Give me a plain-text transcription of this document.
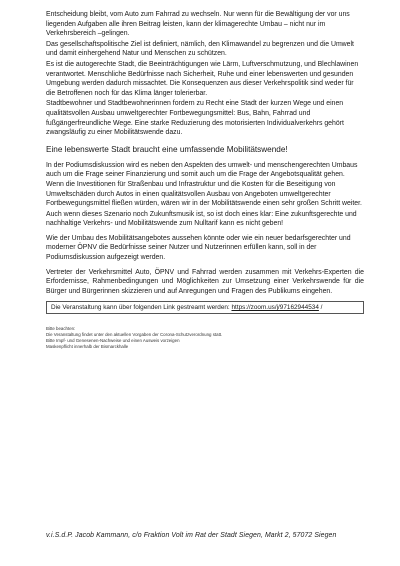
Entscheidung bleibt, vom Auto zum Fahrrad zu wechseln. Nur wenn für die Bewältigung der vor uns liegenden Aufgaben alle ihren Beitrag leisten, kann der klimagerechte Umbau – nicht nur im Verkehrsbereich –gelingen.

Das gesellschaftspolitische Ziel ist definiert, nämlich, den Klimawandel zu begrenzen und die Umwelt und damit einhergehend Natur und Menschen zu schützen.

Es ist die autogerechte Stadt, die Beeinträchtigungen wie Lärm, Luftverschmutzung, und Blechlawinen verantwortet. Menschliche Bedürfnisse nach Sicherheit, Ruhe und einer lebenswerten und gesunden Umgebung werden dadurch missachtet. Die Konsequenzen aus dieser Verkehrspolitik sind weder für die Betroffenen noch für das Klima länger tolerierbar.

Stadtbewohner und Stadtbewohnerinnen fordern zu Recht eine Stadt der kurzen Wege und einen qualitätsvollen Ausbau umweltgerechter Fortbewegungsmittel: Bus, Bahn, Fahrrad und fußgängerfreundliche Wege. Eine starke Reduzierung des motorisierten Individualverkehrs gehört zwangsläufig zu einer Mobilitätswende dazu.

Eine lebenswerte Stadt braucht eine umfassende Mobilitätswende!

In der Podiumsdiskussion wird es neben den Aspekten des umwelt- und menschengerechten Umbaus auch um die Frage seiner Finanzierung und somit auch um die Frage der Angebotsqualität gehen. Wenn die Investitionen für Straßenbau und Infrastruktur und die Kosten für die Beseitigung von Umweltschäden durch Autos in einen qualitätsvollen Ausbau von Angeboten umweltgerechter Fortbewegungsmittel fließen würden, wären wir in der Mobilitätswende einen sehr großen Schritt weiter.

Auch wenn dieses Szenario noch Zukunftsmusik ist, so ist doch eines klar: Eine zukunftsgerechte und nachhaltige Verkehrs- und Mobilitätswende zum Nulltarif kann es nicht geben!

Wie der Umbau des Mobilitätsangebotes aussehen könnte oder wie ein neuer bedarfsgerechter und moderner ÖPNV die Bedürfnisse seiner Nutzer und Nutzerinnen erfüllen kann, soll in der Podiumsdiskussion aufgezeigt werden.

Vertreter der Verkehrsmittel Auto, ÖPNV und Fahrrad werden zusammen mit Verkehrs-Experten die Erfordernisse, Rahmenbedingungen und Möglichkeiten zur Umsetzung einer Verkehrswende für die Bürger und Bürgerinnen skizzieren und auf Anregungen und Fragen des Publikums eingehen.

Die Veranstaltung kann über folgenden Link gestreamt werden: https://zoom.us/j/97162944534 /
Bitte beachten:
Die Veranstaltung findet unter den aktuellen Vorgaben der Corona-Schutzverordnung statt.
Bitte Impf- und Genesenen-Nachweise und einen Ausweis vorzeigen
Maskenpflicht innerhalb der Bismarckhalle
v.i.S.d.P. Jacob Kammann, c/o Fraktion Volt im Rat der Stadt Siegen, Markt 2, 57072 Siegen
